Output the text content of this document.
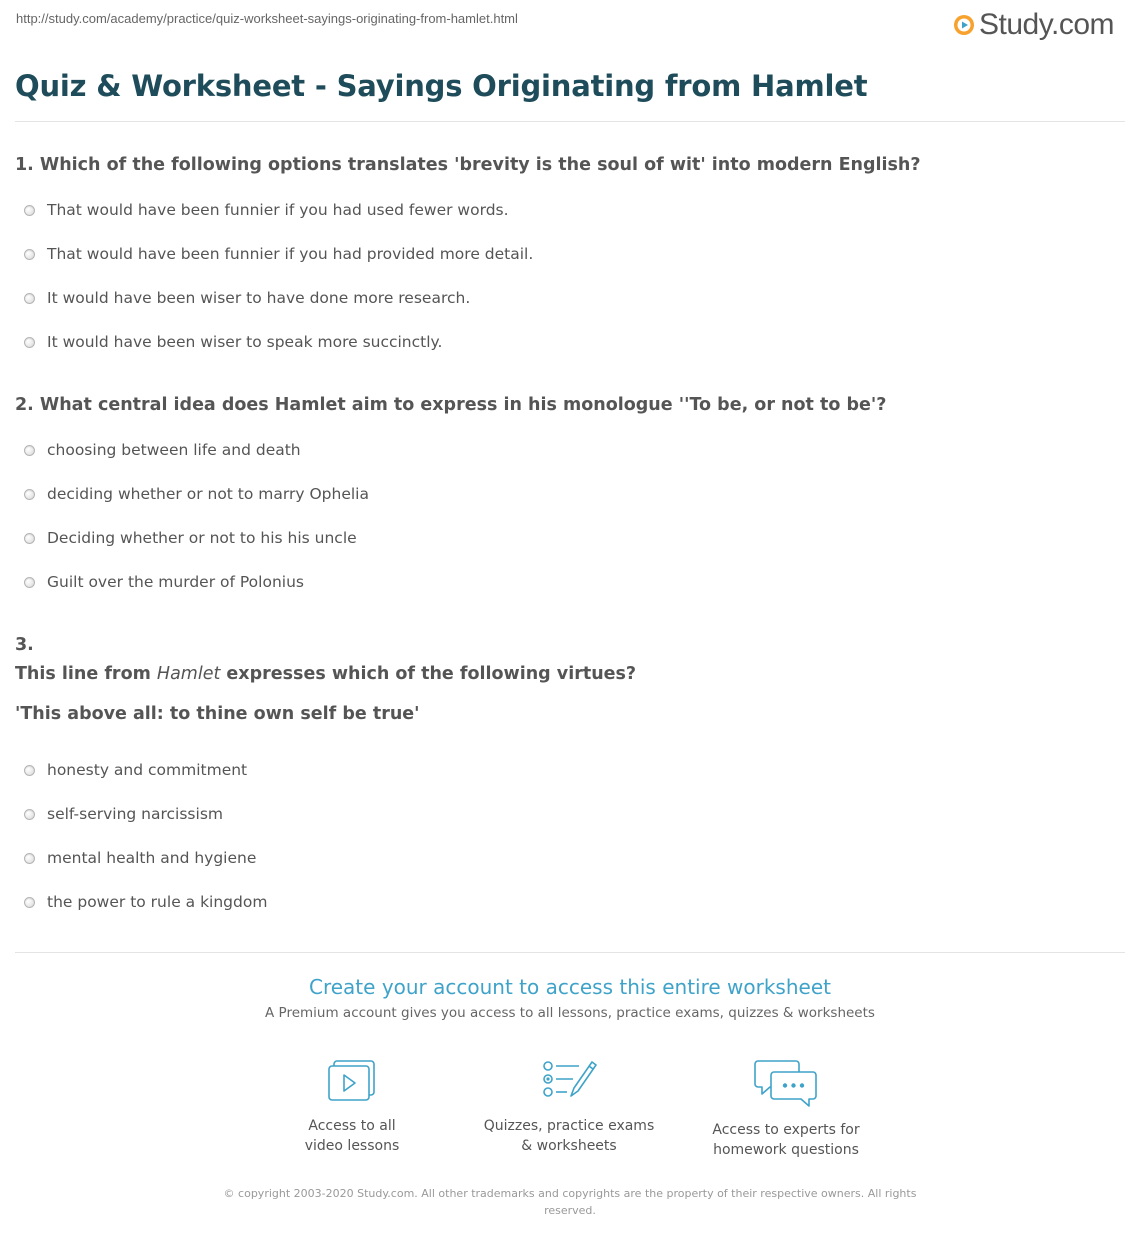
http://study.com/academy/practice/quiz-worksheet-sayings-originating-from-hamlet.html	Study.com
Quiz & Worksheet - Sayings Originating from Hamlet
1. Which of the following options translates 'brevity is the soul of wit' into modern English?
That would have been funnier if you had used fewer words.
That would have been funnier if you had provided more detail.
It would have been wiser to have done more research.
It would have been wiser to speak more succinctly.
2. What central idea does Hamlet aim to express in his monologue ''To be, or not to be'?
choosing between life and death
deciding whether or not to marry Ophelia
Deciding whether or not to his his uncle
Guilt over the murder of Polonius
3.
This line from Hamlet expresses which of the following virtues?
'This above all: to thine own self be true'
honesty and commitment
self-serving narcissism
mental health and hygiene
the power to rule a kingdom
Create your account to access this entire worksheet
A Premium account gives you access to all lessons, practice exams, quizzes & worksheets
Access to all
video lessons
Quizzes, practice exams
& worksheets
Access to experts for
homework questions
© copyright 2003-2020 Study.com. All other trademarks and copyrights are the property of their respective owners. All rights reserved.
